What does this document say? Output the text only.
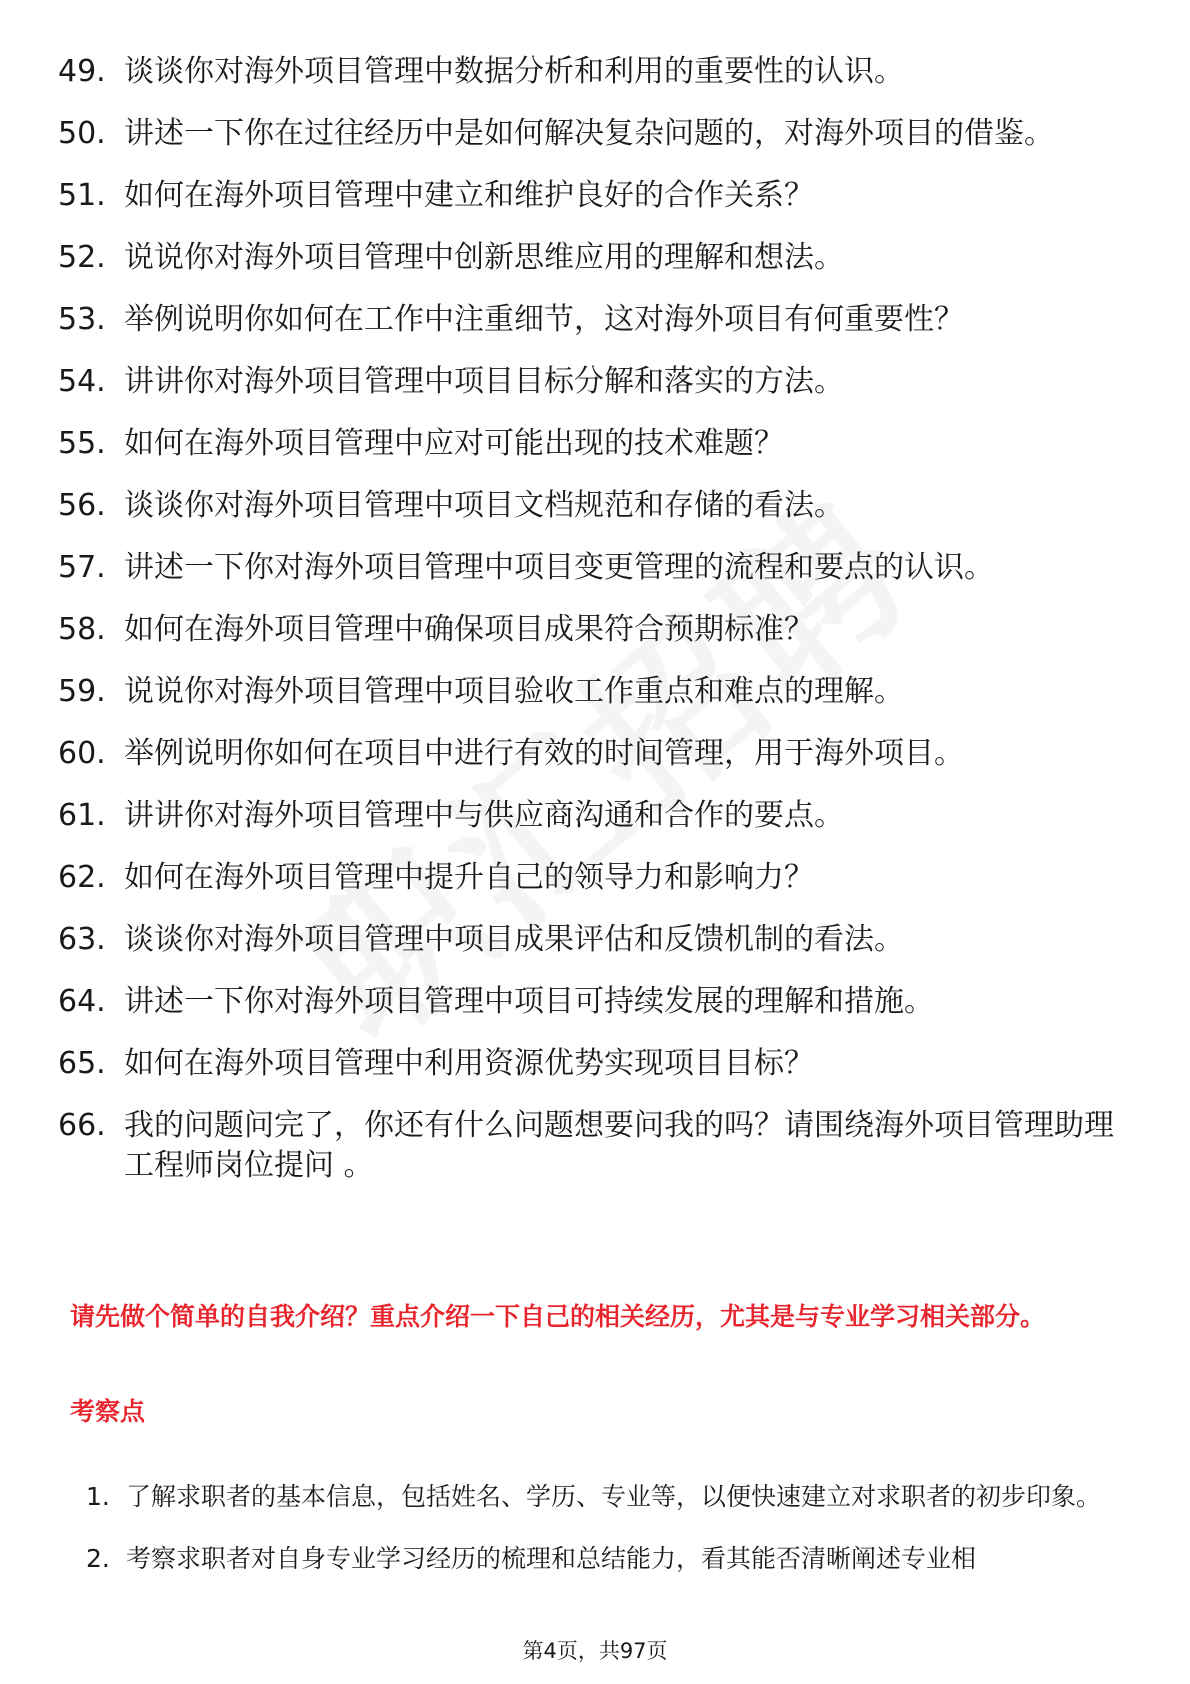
49. 谈谈你对海外项目管理中数据分析和利用的重要性的认识。
50. 讲述一下你在过往经历中是如何解决复杂问题的，对海外项目的借鉴。
51. 如何在海外项目管理中建立和维护良好的合作关系？
52. 说说你对海外项目管理中创新思维应用的理解和想法。
53. 举例说明你如何在工作中注重细节，这对海外项目有何重要性？
54. 讲讲你对海外项目管理中项目目标分解和落实的方法。
55. 如何在海外项目管理中应对可能出现的技术难题？
56. 谈谈你对海外项目管理中项目文档规范和存储的看法。
57. 讲述一下你对海外项目管理中项目变更管理的流程和要点的认识。
58. 如何在海外项目管理中确保项目成果符合预期标准？
59. 说说你对海外项目管理中项目验收工作重点和难点的理解。
60. 举例说明你如何在项目中进行有效的时间管理，用于海外项目。
61. 讲讲你对海外项目管理中与供应商沟通和合作的要点。
62. 如何在海外项目管理中提升自己的领导力和影响力？
63. 谈谈你对海外项目管理中项目成果评估和反馈机制的看法。
64. 讲述一下你对海外项目管理中项目可持续发展的理解和措施。
65. 如何在海外项目管理中利用资源优势实现项目目标？
66. 我的问题问完了，你还有什么问题想要问我的吗？请围绕海外项目管理助理工程师岗位提问 。
请先做个简单的自我介绍？重点介绍一下自己的相关经历，尤其是与专业学习相关部分。
考察点
1. 了解求职者的基本信息，包括姓名、学历、专业等，以便快速建立对求职者的初步印象。
2. 考察求职者对自身专业学习经历的梳理和总结能力，看其能否清晰阐述专业相
第4页，共97页
